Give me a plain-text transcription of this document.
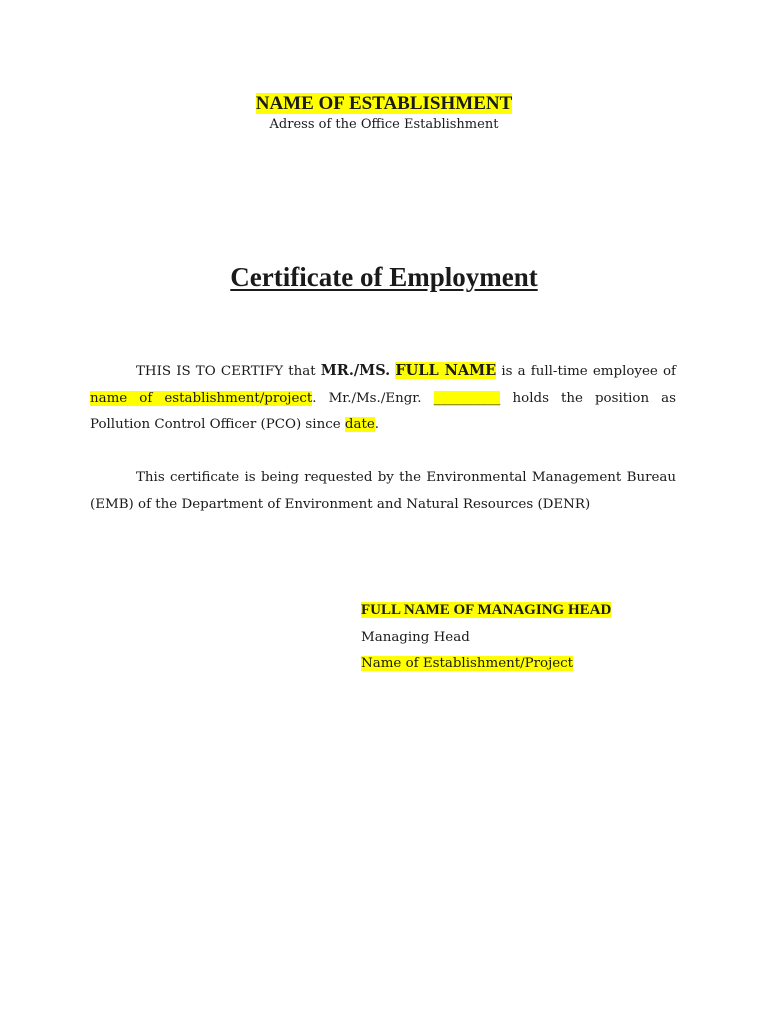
NAME OF ESTABLISHMENT
Adress of the Office Establishment
Certificate of Employment

THIS IS TO CERTIFY that MR./MS. FULL NAME is a full-time employee of name of establishment/project. Mr./Ms./Engr. __________ holds the position as Pollution Control Officer (PCO) since date.

This certificate is being requested by the Environmental Management Bureau (EMB) of the Department of Environment and Natural Resources (DENR)

FULL NAME OF MANAGING HEAD
Managing Head
Name of Establishment/Project
